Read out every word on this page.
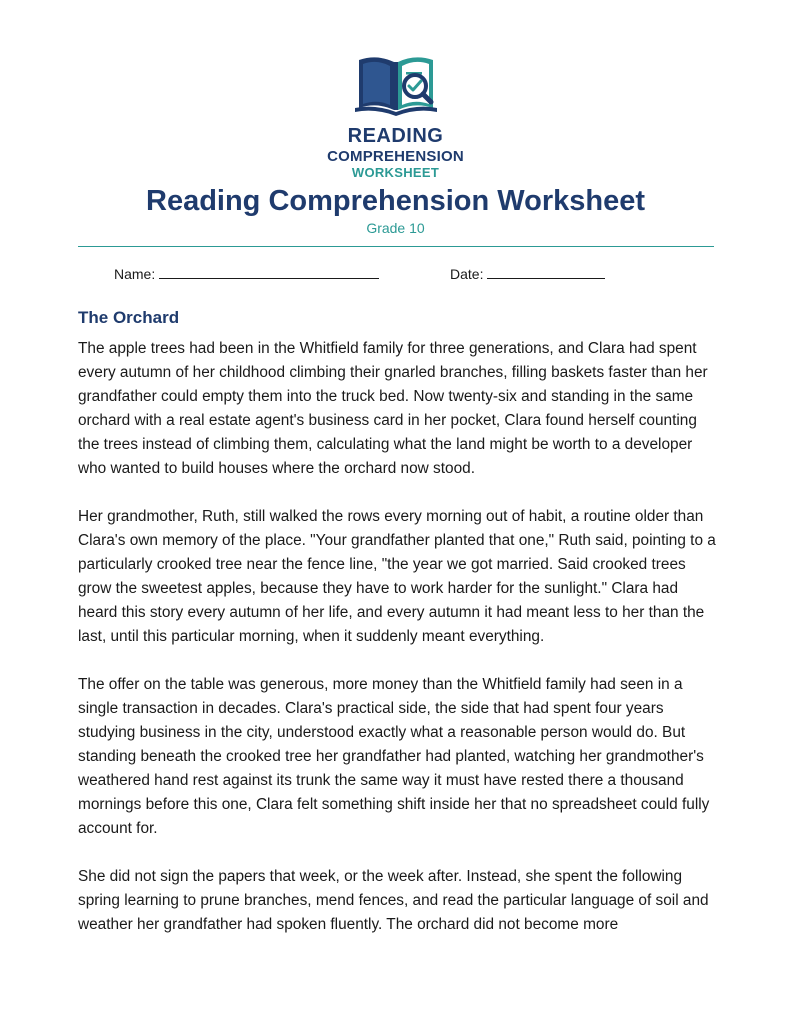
READING
COMPREHENSION
WORKSHEET
Reading Comprehension Worksheet
Grade 10
Name:	Date:
The Orchard

The apple trees had been in the Whitfield family for three generations, and Clara had spent every autumn of her childhood climbing their gnarled branches, filling baskets faster than her grandfather could empty them into the truck bed. Now twenty-six and standing in the same orchard with a real estate agent's business card in her pocket, Clara found herself counting the trees instead of climbing them, calculating what the land might be worth to a developer who wanted to build houses where the orchard now stood.

Her grandmother, Ruth, still walked the rows every morning out of habit, a routine older than Clara's own memory of the place. "Your grandfather planted that one," Ruth said, pointing to a particularly crooked tree near the fence line, "the year we got married. Said crooked trees grow the sweetest apples, because they have to work harder for the sunlight." Clara had heard this story every autumn of her life, and every autumn it had meant less to her than the last, until this particular morning, when it suddenly meant everything.

The offer on the table was generous, more money than the Whitfield family had seen in a single transaction in decades. Clara's practical side, the side that had spent four years studying business in the city, understood exactly what a reasonable person would do. But standing beneath the crooked tree her grandfather had planted, watching her grandmother's weathered hand rest against its trunk the same way it must have rested there a thousand mornings before this one, Clara felt something shift inside her that no spreadsheet could fully account for.

She did not sign the papers that week, or the week after. Instead, she spent the following spring learning to prune branches, mend fences, and read the particular language of soil and weather her grandfather had spoken fluently. The orchard did not become more
